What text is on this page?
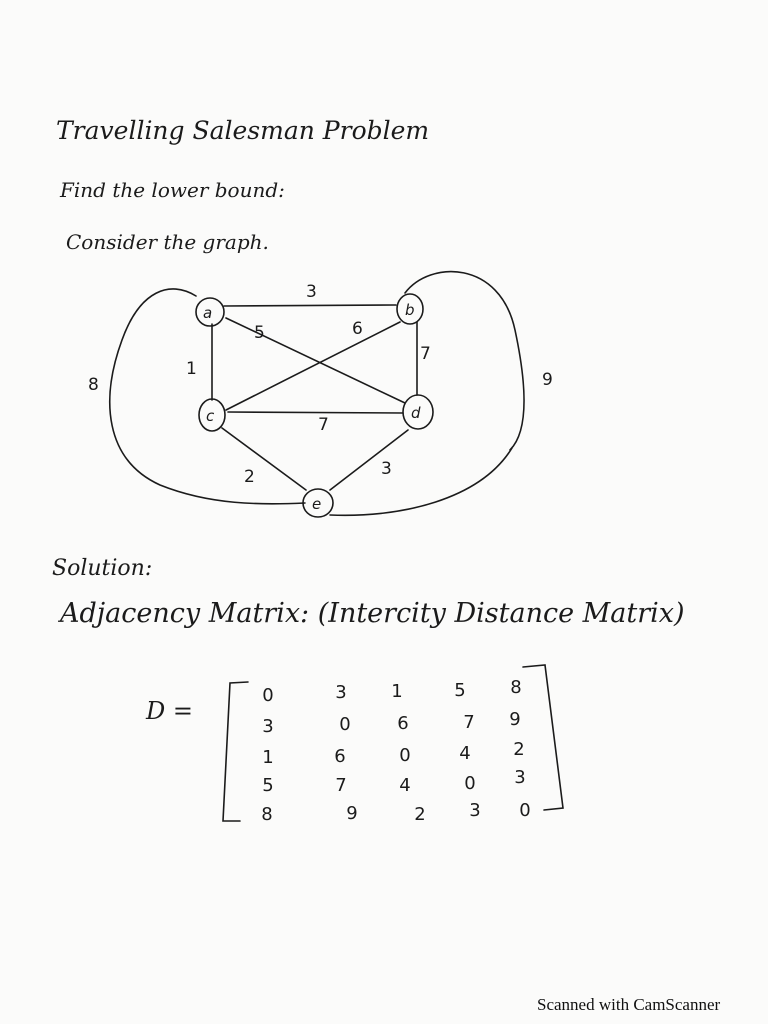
Travelling Salesman Problem
Find the lower bound:
Consider the graph.
a	b
c	d
e
3
1
5	6
7
7
2	3
8	9
Solution:
Adjacency Matrix: (Intercity Distance Matrix)
D =
0	3 1	5 8
3	0	6	7 9
1	6	0	4 2
5	7	4	0 3
8	9	2 3 0
Scanned with CamScanner
